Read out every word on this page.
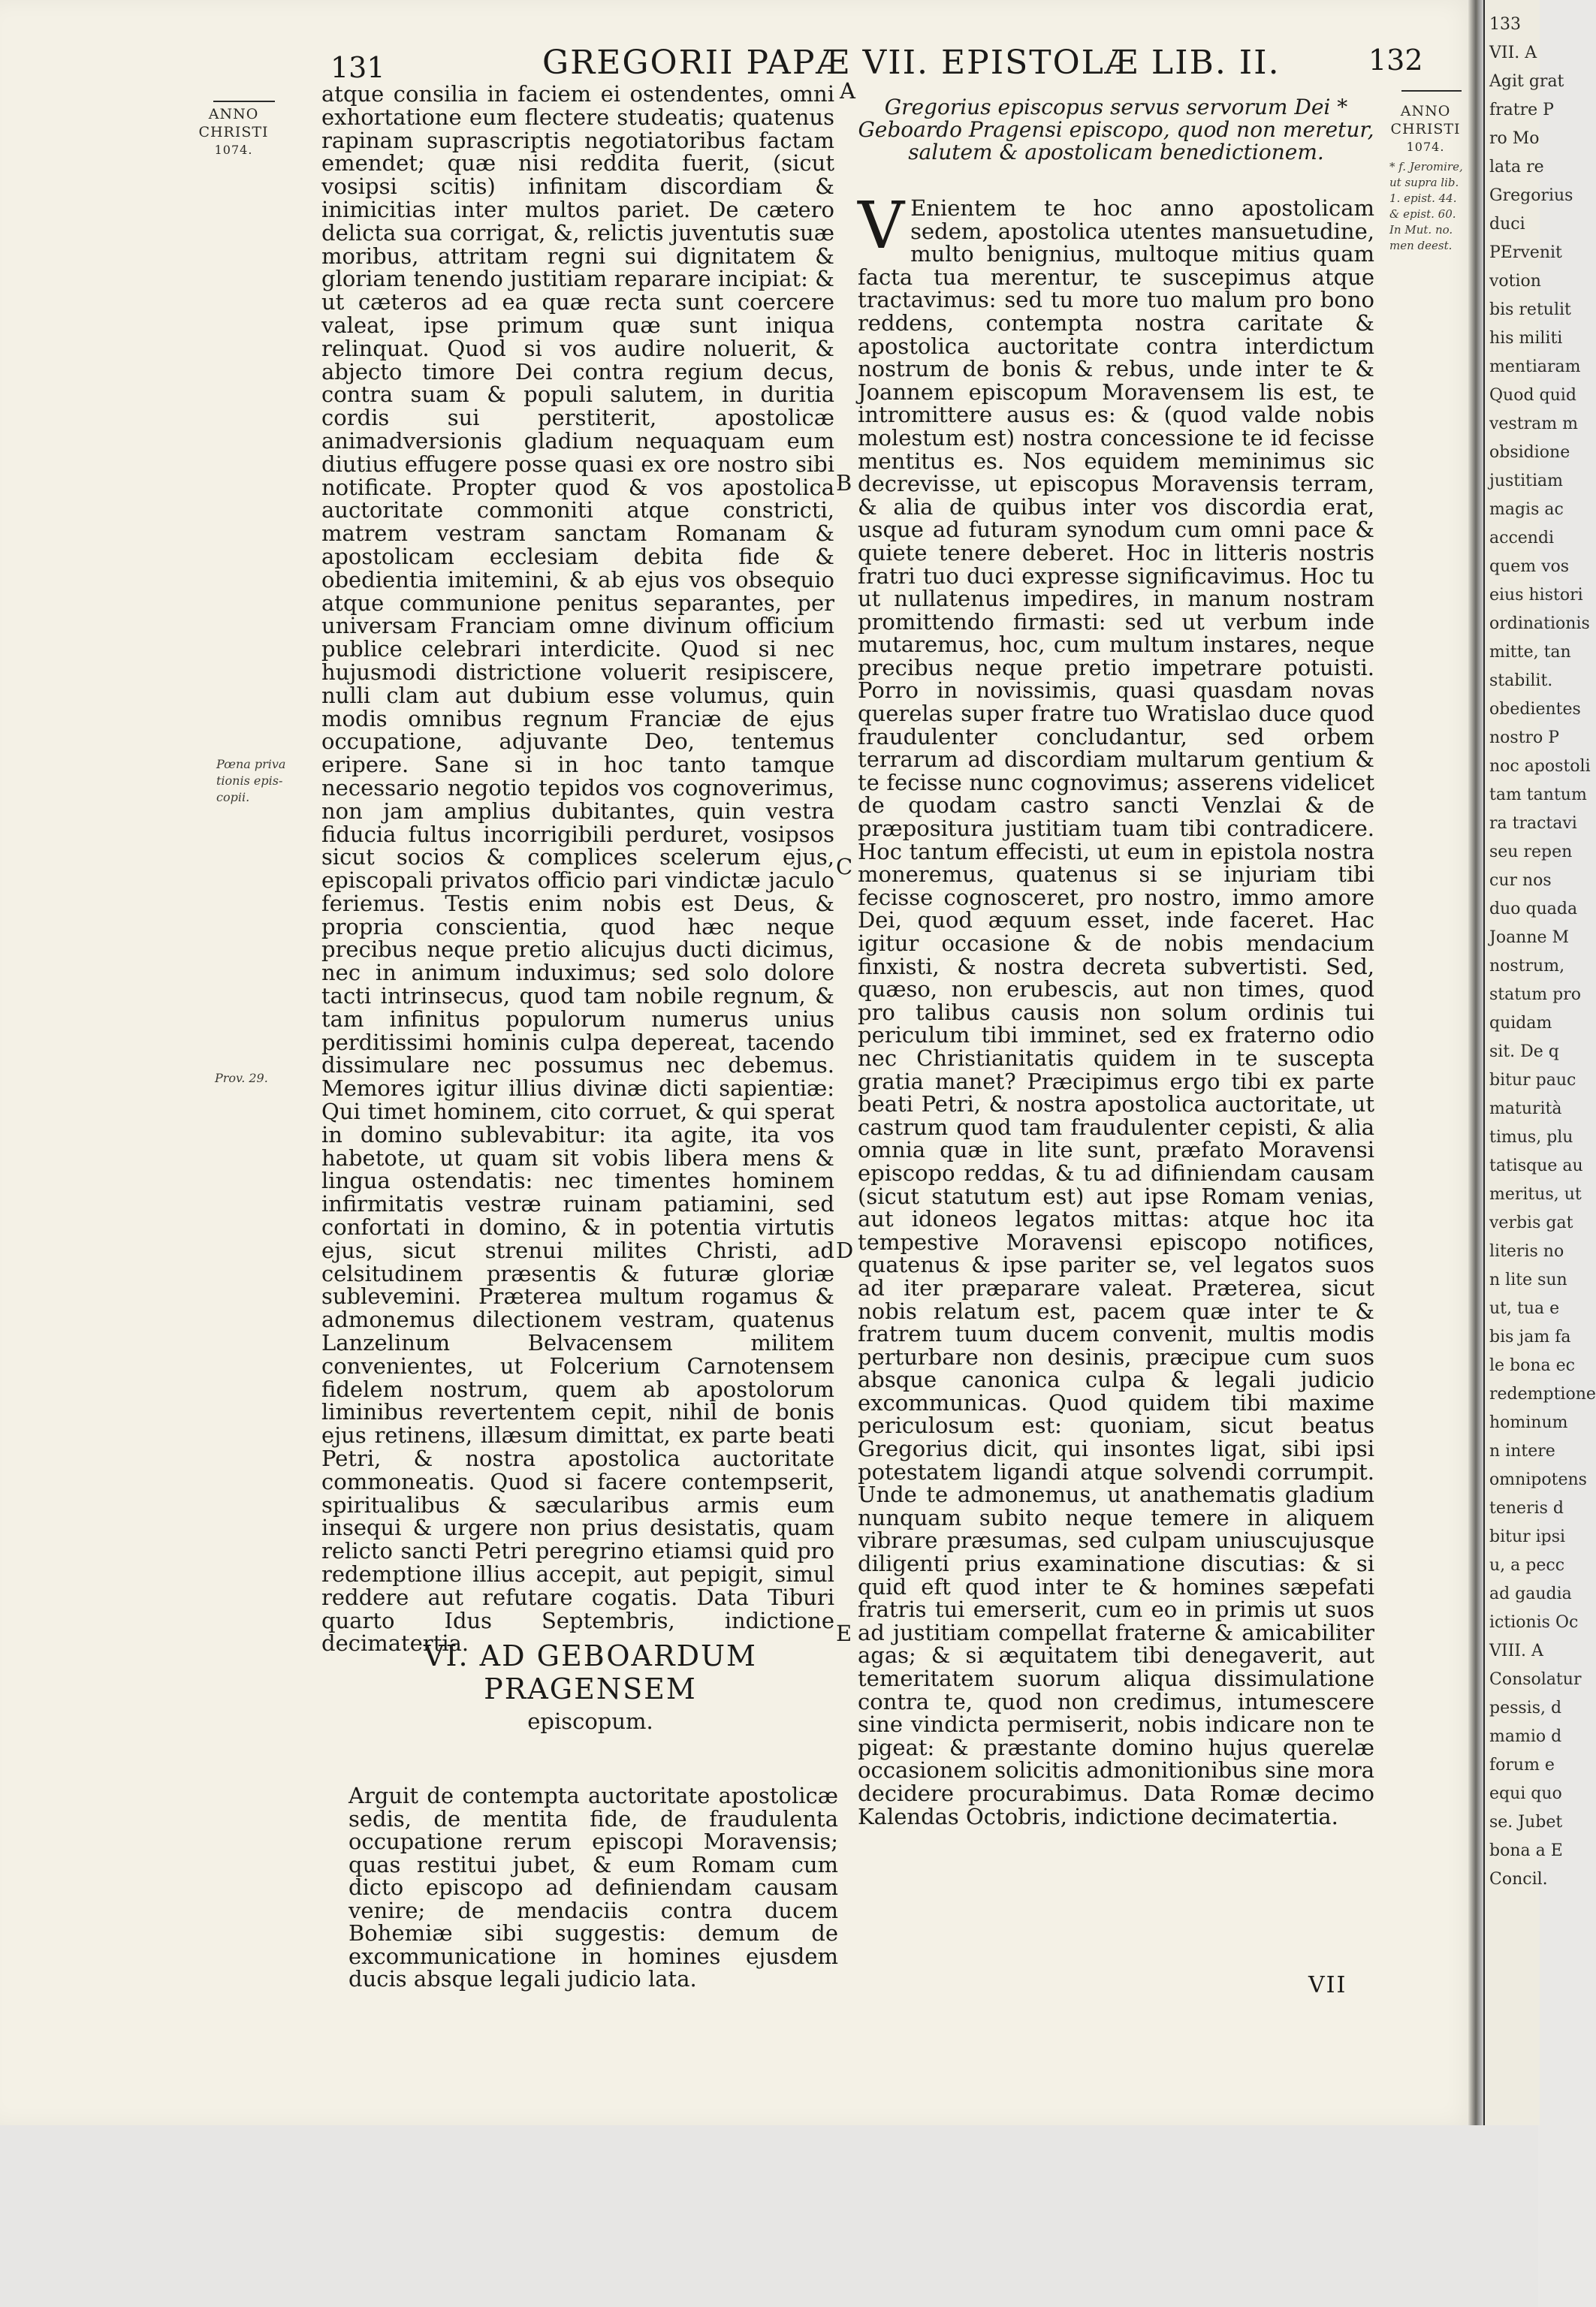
133
VII. A
Agit grat
fratre P
ro Mo
lata re
Gregorius
duci
PErvenit
votion
bis retulit
his militi
mentiaram
Quod quid
vestram m
obsidione
justitiam
magis ac
accendi
quem vos
eius histori
ordinationis
mitte, tan
stabilit.
obedientes
nostro P
noc apostoli
tam tantum
ra tractavi
seu repen
cur nos
duo quada
Joanne M
nostrum,
statum pro
quidam
sit. De q
bitur pauc
maturità
timus, plu
tatisque au
meritus, ut
verbis gat
literis no
n lite sun
ut, tua e
bis jam fa
le bona ec
redemptione
hominum
n intere
omnipotens
teneris d
bitur ipsi
u, a pecc
ad gaudia
ictionis Oc
VIII. A
Consolatur
pessis, d
mamio d
forum e
equi quo
se. Jubet
bona a E
Concil.
131	GREGORII PAPÆ VII. EPISTOLÆ LIB. II.	132
ANNO
CHRISTI
1074.
Pœna priva
tionis epis-
copii.
Prov. 29.
ANNO
CHRISTI
1074.
* f. Jeromire,
ut supra lib.
1. epist. 44.
& epist. 60.
In Mut. no.
men deest.
A
B
C
D
E

atque consilia in faciem ei ostendentes, omni exhortatione eum flectere studeatis; quatenus rapinam suprascriptis negotiatoribus factam emendet; quæ nisi reddita fuerit, (sicut vosipsi scitis) infinitam discordiam & inimicitias inter multos pariet. De cætero delicta sua corrigat, &, relictis juventutis suæ moribus, attritam regni sui dignitatem & gloriam tenendo justitiam reparare incipiat: & ut cæteros ad ea quæ recta sunt coercere valeat, ipse primum quæ sunt iniqua relinquat. Quod si vos audire noluerit, & abjecto timore Dei contra regium decus, contra suam & populi salutem, in duritia cordis sui perstiterit, apostolicæ animadversionis gladium nequaquam eum diutius effugere posse quasi ex ore nostro sibi notificate. Propter quod & vos apostolica auctoritate commoniti atque constricti, matrem vestram sanctam Romanam & apostolicam ecclesiam debita fide & obedientia imitemini, & ab ejus vos obsequio atque communione penitus separantes, per universam Franciam omne divinum officium publice celebrari interdicite. Quod si nec hujusmodi districtione voluerit resipiscere, nulli clam aut dubium esse volumus, quin modis omnibus regnum Franciæ de ejus occupatione, adjuvante Deo, tentemus eripere. Sane si in hoc tanto tamque necessario negotio tepidos vos cognoverimus, non jam amplius dubitantes, quin vestra fiducia fultus incorrigibili perduret, vosipsos sicut socios & complices scelerum ejus, episcopali privatos officio pari vindictæ jaculo feriemus. Testis enim nobis est Deus, & propria conscientia, quod hæc neque precibus neque pretio alicujus ducti dicimus, nec in animum induximus; sed solo dolore tacti intrinsecus, quod tam nobile regnum, & tam infinitus populorum numerus unius perditissimi hominis culpa depereat, tacendo dissimulare nec possumus nec debemus. Memores igitur illius divinæ dicti sapientiæ: Qui timet hominem, cito corruet, & qui sperat in domino sublevabitur: ita agite, ita vos habetote, ut quam sit vobis libera mens & lingua ostendatis: nec timentes hominem infirmitatis vestræ ruinam patiamini, sed confortati in domino, & in potentia virtutis ejus, sicut strenui milites Christi, ad celsitudinem præsentis & futuræ gloriæ sublevemini. Præterea multum rogamus & admonemus dilectionem vestram, quatenus Lanzelinum Belvacensem militem convenientes, ut Folcerium Carnotensem fidelem nostrum, quem ab apostolorum liminibus revertentem cepit, nihil de bonis ejus retinens, illæsum dimittat, ex parte beati Petri, & nostra apostolica auctoritate commoneatis. Quod si facere contempserit, spiritualibus & sæcularibus armis eum insequi & urgere non prius desistatis, quam relicto sancti Petri peregrino etiamsi quid pro redemptione illius accepit, aut pepigit, simul reddere aut refutare cogatis. Data Tiburi quarto Idus Septembris, indictione decimatertia.

VI. AD GEBOARDUM PRAGENSEM
episcopum.
Arguit de contempta auctoritate apostolicæ sedis, de mentita fide, de fraudulenta occupatione rerum episcopi Moravensis; quas restitui jubet, & eum Romam cum dicto episcopo ad definiendam causam venire; de mendaciis contra ducem Bohemiæ sibi suggestis: demum de excommunicatione in homines ejusdem ducis absque legali judicio lata.
Gregorius episcopus servus servorum Dei * Geboardo Pragensi episcopo, quod non meretur, salutem & apostolicam benedictionem.
V Enientem te hoc anno apostolicam sedem, apostolica utentes mansuetudine, multo benignius, multoque mitius quam facta tua merentur, te suscepimus atque tractavimus: sed tu more tuo malum pro bono reddens, contempta nostra caritate & apostolica auctoritate contra interdictum nostrum de bonis & rebus, unde inter te & Joannem episcopum Moravensem lis est, te intromittere ausus es: & (quod valde nobis molestum est) nostra concessione te id fecisse mentitus es. Nos equidem meminimus sic decrevisse, ut episcopus Moravensis terram, & alia de quibus inter vos discordia erat, usque ad futuram synodum cum omni pace & quiete tenere deberet. Hoc in litteris nostris fratri tuo duci expresse significavimus. Hoc tu ut nullatenus impedires, in manum nostram promittendo firmasti: sed ut verbum inde mutaremus, hoc, cum multum instares, neque precibus neque pretio impetrare potuisti. Porro in novissimis, quasi quasdam novas querelas super fratre tuo Wratislao duce quod fraudulenter concludantur, sed orbem terrarum ad discordiam multarum gentium & te fecisse nunc cognovimus; asserens videlicet de quodam castro sancti Venzlai & de præpositura justitiam tuam tibi contradicere. Hoc tantum effecisti, ut eum in epistola nostra moneremus, quatenus si se injuriam tibi fecisse cognosceret, pro nostro, immo amore Dei, quod æquum esset, inde faceret. Hac igitur occasione & de nobis mendacium finxisti, & nostra decreta subvertisti. Sed, quæso, non erubescis, aut non times, quod pro talibus causis non solum ordinis tui periculum tibi imminet, sed ex fraterno odio nec Christianitatis quidem in te suscepta gratia manet? Præcipimus ergo tibi ex parte beati Petri, & nostra apostolica auctoritate, ut castrum quod tam fraudulenter cepisti, & alia omnia quæ in lite sunt, præfato Moravensi episcopo reddas, & tu ad difiniendam causam (sicut statutum est) aut ipse Romam venias, aut idoneos legatos mittas: atque hoc ita tempestive Moravensi episcopo notifices, quatenus & ipse pariter se, vel legatos suos ad iter præparare valeat. Præterea, sicut nobis relatum est, pacem quæ inter te & fratrem tuum ducem convenit, multis modis perturbare non desinis, præcipue cum suos absque canonica culpa & legali judicio excommunicas. Quod quidem tibi maxime periculosum est: quoniam, sicut beatus Gregorius dicit, qui insontes ligat, sibi ipsi potestatem ligandi atque solvendi corrumpit. Unde te admonemus, ut anathematis gladium nunquam subito neque temere in aliquem vibrare præsumas, sed culpam uniuscujusque diligenti prius examinatione discutias: & si quid eft quod inter te & homines sæpefati fratris tui emerserit, cum eo in primis ut suos ad justitiam compellat fraterne & amicabiliter agas; & si æquitatem tibi denegaverit, aut temeritatem suorum aliqua dissimulatione contra te, quod non credimus, intumescere sine vindicta permiserit, nobis indicare non te pigeat: & præstante domino hujus querelæ occasionem solicitis admonitionibus sine mora decidere procurabimus. Data Romæ decimo Kalendas Octobris, indictione decimatertia.
VII
